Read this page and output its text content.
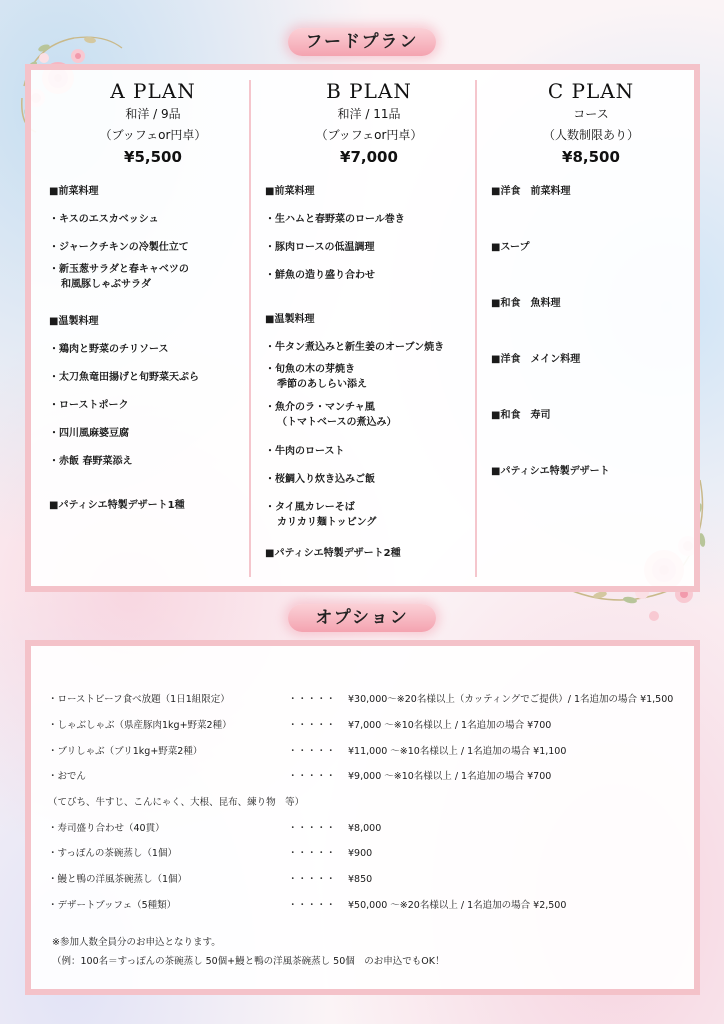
フードプラン
A PLAN
和洋 / 9品
（ブッフェor円卓）
¥5,500
■前菜料理
・キスのエスカベッシュ
・ジャークチキンの冷製仕立て
・新玉葱サラダと春キャベツの
和風豚しゃぶサラダ
■温製料理
・鶏肉と野菜のチリソース
・太刀魚竜田揚げと旬野菜天ぷら
・ローストポーク
・四川風麻婆豆腐
・赤飯 春野菜添え
■パティシエ特製デザート1種
B PLAN
和洋 / 11品
（ブッフェor円卓）
¥7,000
■前菜料理
・生ハムと春野菜のロール巻き
・豚肉ロースの低温調理
・鮮魚の造り盛り合わせ
■温製料理
・牛タン煮込みと新生姜のオーブン焼き
・旬魚の木の芽焼き
季節のあしらい添え
・魚介のラ・マンチャ風
（トマトベースの煮込み）
・牛肉のロースト
・桜鯛入り炊き込みご飯
・タイ風カレーそば
カリカリ麺トッピング
■パティシエ特製デザート2種
C PLAN
コース
（人数制限あり）
¥8,500
■洋食　前菜料理
■スープ
■和食　魚料理
■洋食　メイン料理
■和食　寿司
■パティシエ特製デザート
オプション
・ローストビーフ食べ放題（1日1組限定）	・・・・・ ¥30,000～※20名様以上（カッティングでご提供）/ 1名追加の場合 ¥1,500
・しゃぶしゃぶ（県産豚肉1kg+野菜2種）	・・・・・ ¥7,000 ～※10名様以上 / 1名追加の場合 ¥700
・ブリしゃぶ（ブリ1kg+野菜2種）	・・・・・ ¥11,000 ～※10名様以上 / 1名追加の場合 ¥1,100
・おでん	・・・・・ ¥9,000 ～※10名様以上 / 1名追加の場合 ¥700
（てびち、牛すじ、こんにゃく、大根、昆布、練り物　等）
・寿司盛り合わせ（40貫）	・・・・・ ¥8,000
・すっぽんの茶碗蒸し（1個）	・・・・・ ¥900
・鰻と鴨の洋風茶碗蒸し（1個）	・・・・・ ¥850
・デザートブッフェ（5種類）	・・・・・ ¥50,000 ～※20名様以上 / 1名追加の場合 ¥2,500
※参加人数全員分のお申込となります。
（例：100名＝すっぽんの茶碗蒸し 50個+鰻と鴨の洋風茶碗蒸し 50個　のお申込でもOK！
